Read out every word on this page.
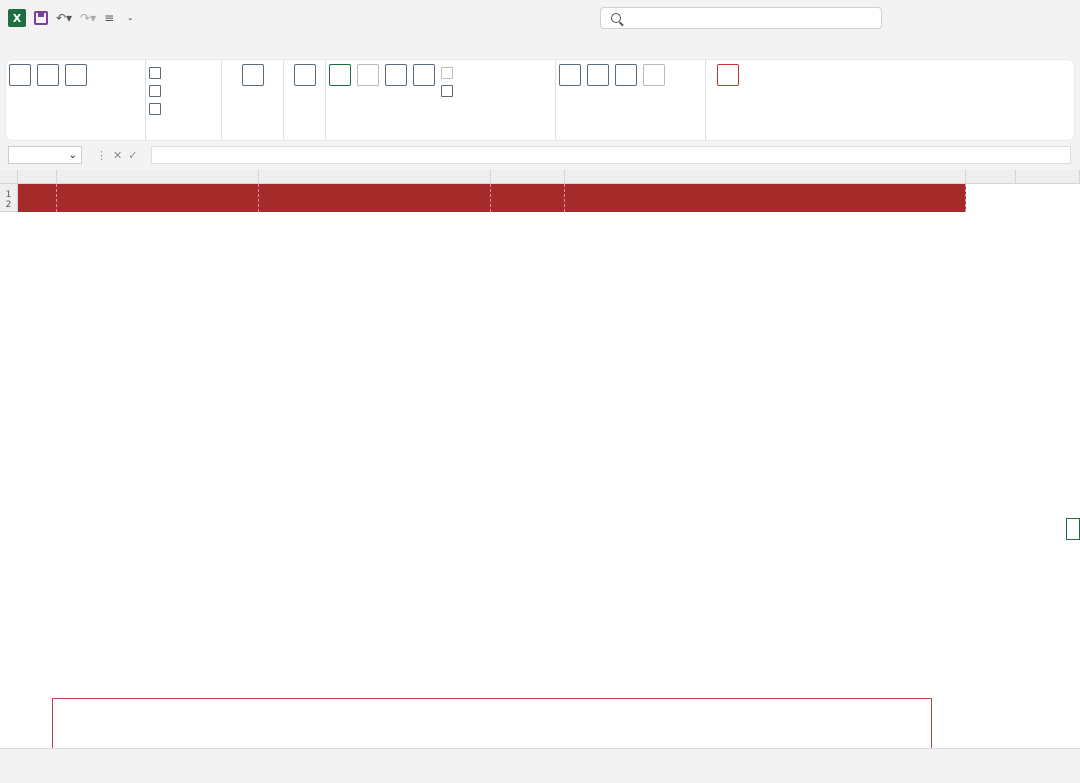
X	↶▾ ↷▾ ≡ -
⌄ ⋮✕✓
1
2
